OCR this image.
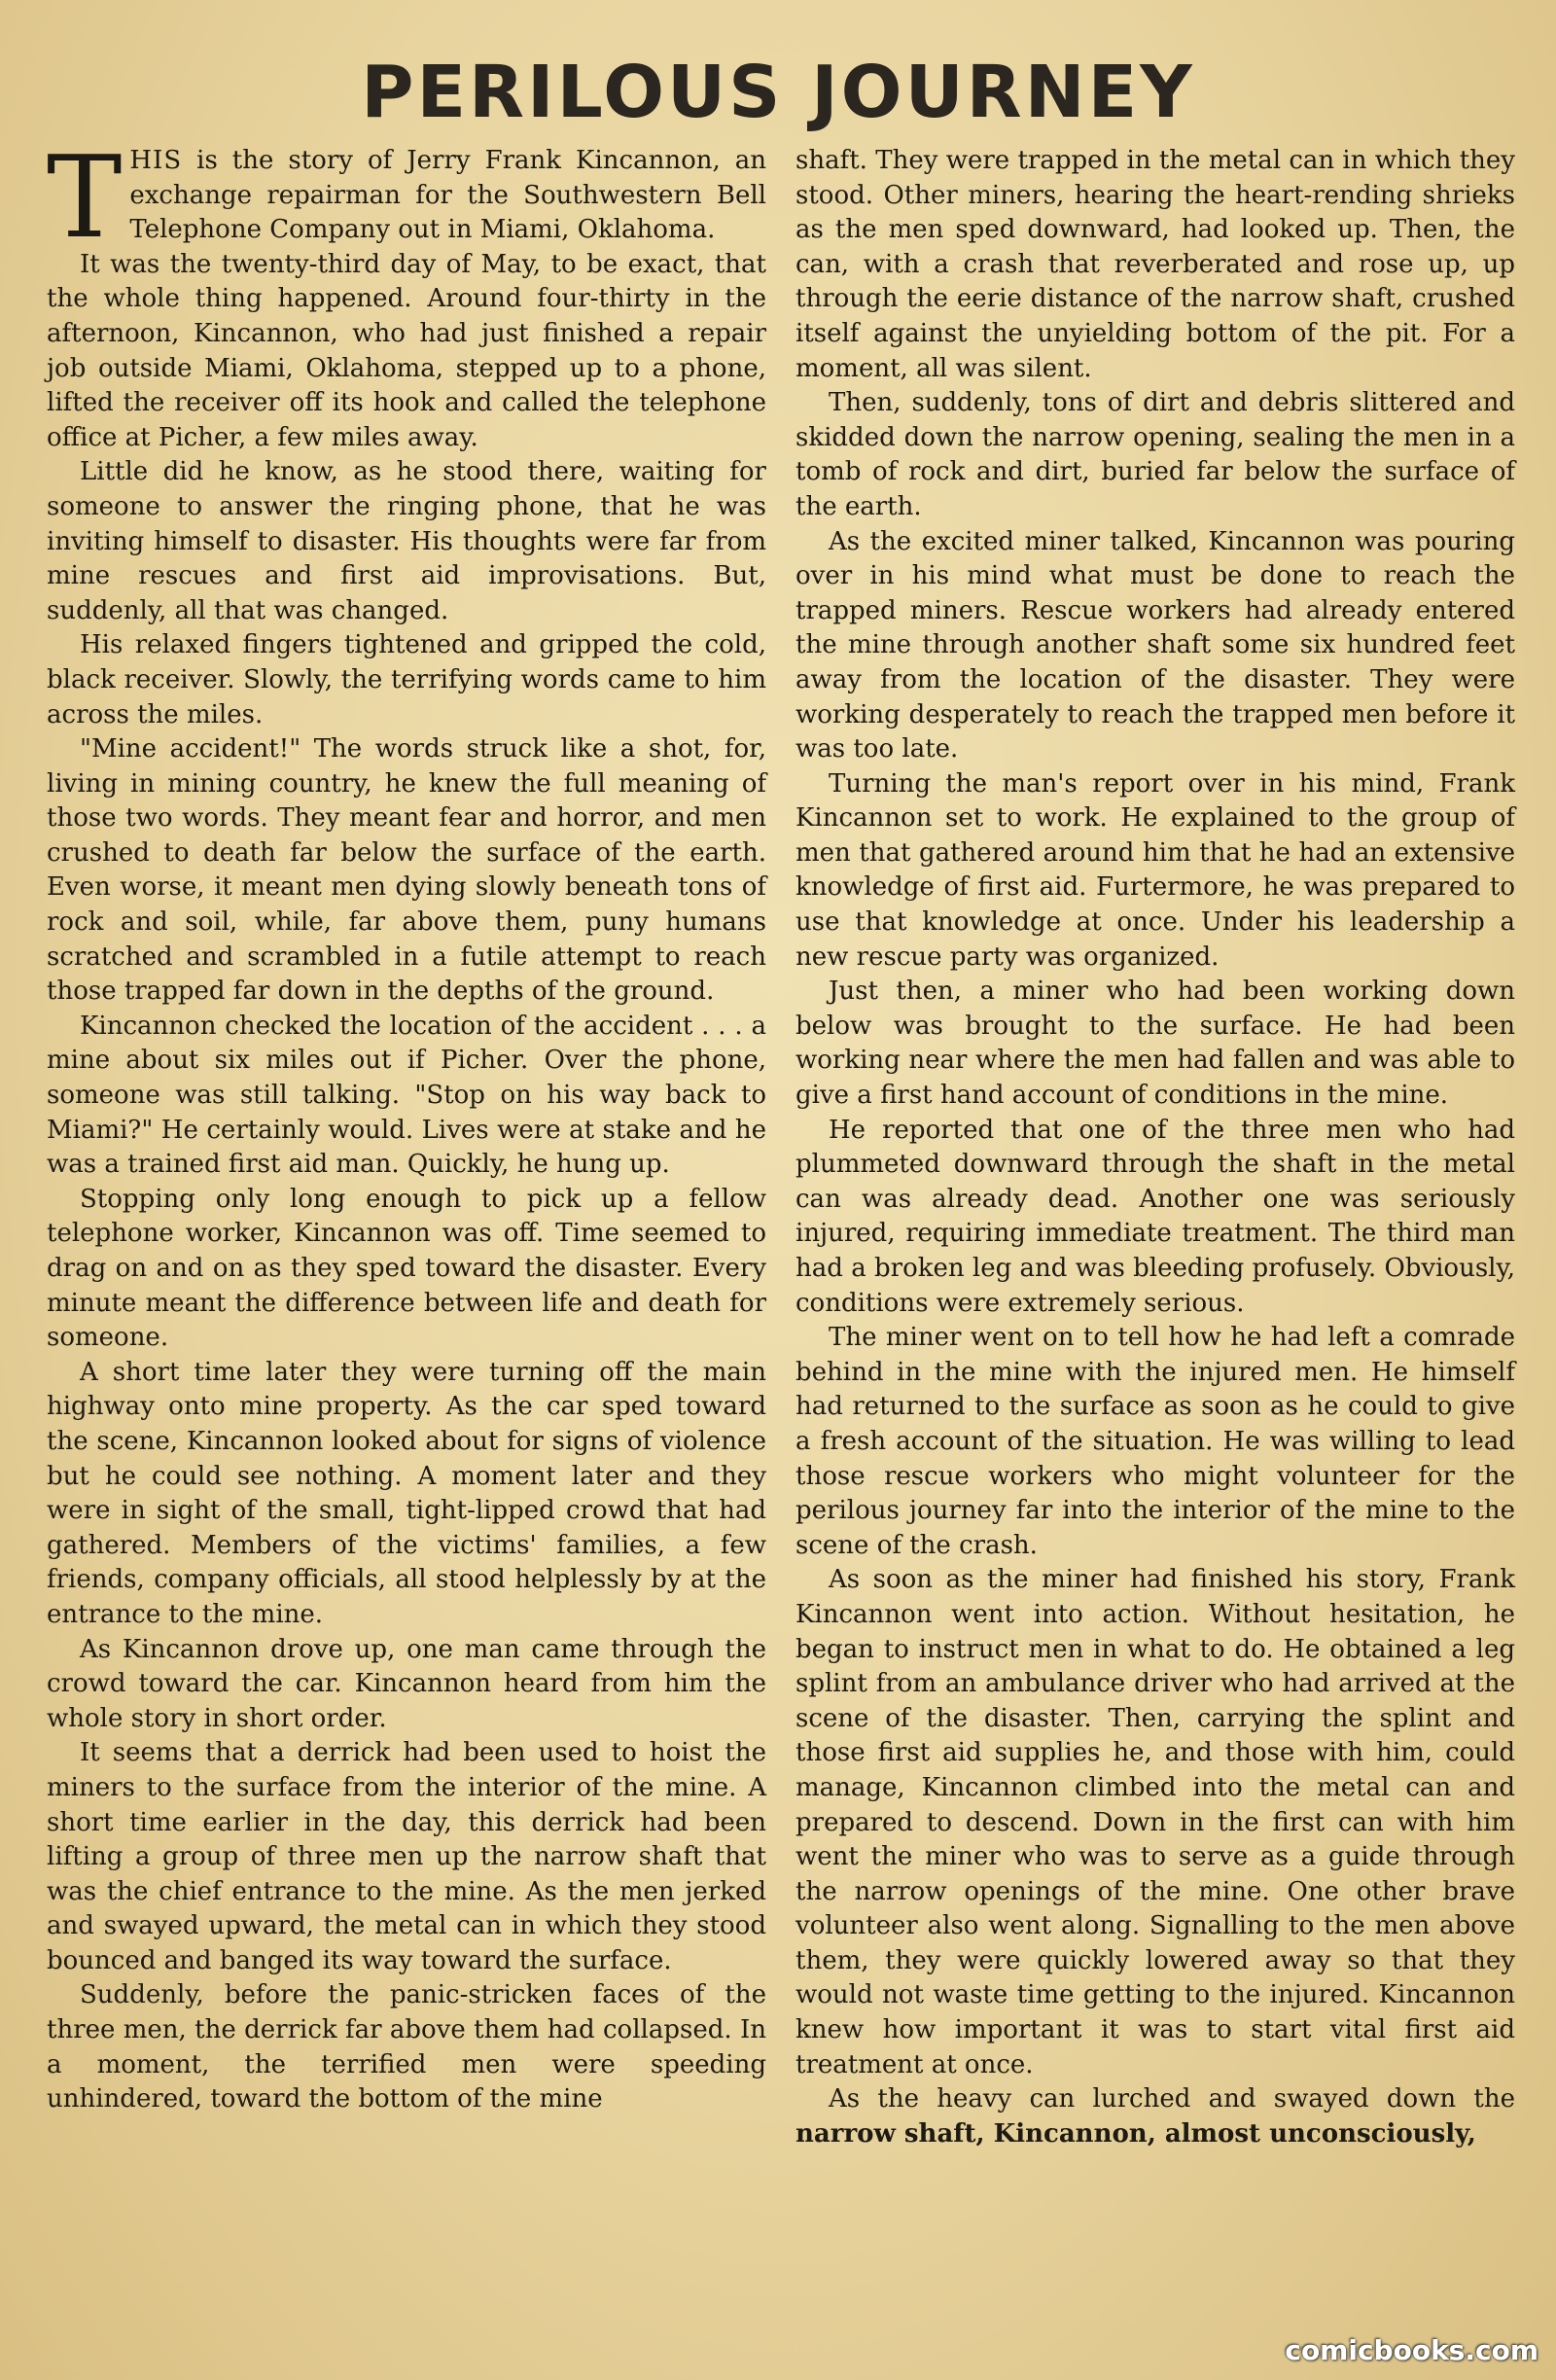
PERILOUS JOURNEY

THIS is the story of Jerry Frank Kincannon, an exchange repairman for the Southwestern Bell Telephone Company out in Miami, Oklahoma.

It was the twenty-third day of May, to be exact, that the whole thing happened. Around four-thirty in the afternoon, Kincannon, who had just finished a repair job outside Miami, Oklahoma, stepped up to a phone, lifted the receiver off its hook and called the telephone office at Picher, a few miles away.

Little did he know, as he stood there, waiting for someone to answer the ringing phone, that he was inviting himself to disaster. His thoughts were far from mine rescues and first aid improvisations. But, suddenly, all that was changed.

His relaxed fingers tightened and gripped the cold, black receiver. Slowly, the terrifying words came to him across the miles.

"Mine accident!" The words struck like a shot, for, living in mining country, he knew the full meaning of those two words. They meant fear and horror, and men crushed to death far below the surface of the earth. Even worse, it meant men dying slowly beneath tons of rock and soil, while, far above them, puny humans scratched and scrambled in a futile attempt to reach those trapped far down in the depths of the ground.

Kincannon checked the location of the accident . . . a mine about six miles out if Picher. Over the phone, someone was still talking. "Stop on his way back to Miami?" He certainly would. Lives were at stake and he was a trained first aid man. Quickly, he hung up.

Stopping only long enough to pick up a fellow telephone worker, Kincannon was off. Time seemed to drag on and on as they sped toward the disaster. Every minute meant the difference between life and death for someone.

A short time later they were turning off the main highway onto mine property. As the car sped toward the scene, Kincannon looked about for signs of violence but he could see nothing. A moment later and they were in sight of the small, tight-lipped crowd that had gathered. Members of the victims' families, a few friends, company officials, all stood helplessly by at the entrance to the mine.

As Kincannon drove up, one man came through the crowd toward the car. Kincannon heard from him the whole story in short order.

It seems that a derrick had been used to hoist the miners to the surface from the interior of the mine. A short time earlier in the day, this derrick had been lifting a group of three men up the narrow shaft that was the chief entrance to the mine. As the men jerked and swayed upward, the metal can in which they stood bounced and banged its way toward the surface.

Suddenly, before the panic-stricken faces of the three men, the derrick far above them had collapsed. In a moment, the terrified men were speeding unhindered, toward the bottom of the mine

shaft. They were trapped in the metal can in which they stood. Other miners, hearing the heart-rending shrieks as the men sped downward, had looked up. Then, the can, with a crash that reverberated and rose up, up through the eerie distance of the narrow shaft, crushed itself against the unyielding bottom of the pit. For a moment, all was silent.

Then, suddenly, tons of dirt and debris slittered and skidded down the narrow opening, sealing the men in a tomb of rock and dirt, buried far below the surface of the earth.

As the excited miner talked, Kincannon was pouring over in his mind what must be done to reach the trapped miners. Rescue workers had already entered the mine through another shaft some six hundred feet away from the location of the disaster. They were working desperately to reach the trapped men before it was too late.

Turning the man's report over in his mind, Frank Kincannon set to work. He explained to the group of men that gathered around him that he had an extensive knowledge of first aid. Furtermore, he was prepared to use that knowledge at once. Under his leadership a new rescue party was organized.

Just then, a miner who had been working down below was brought to the surface. He had been working near where the men had fallen and was able to give a first hand account of conditions in the mine.

He reported that one of the three men who had plummeted downward through the shaft in the metal can was already dead. Another one was seriously injured, requiring immediate treatment. The third man had a broken leg and was bleeding profusely. Obviously, conditions were extremely serious.

The miner went on to tell how he had left a comrade behind in the mine with the injured men. He himself had returned to the surface as soon as he could to give a fresh account of the situation. He was willing to lead those rescue workers who might volunteer for the perilous journey far into the interior of the mine to the scene of the crash.

As soon as the miner had finished his story, Frank Kincannon went into action. Without hesitation, he began to instruct men in what to do. He obtained a leg splint from an ambulance driver who had arrived at the scene of the disaster. Then, carrying the splint and those first aid supplies he, and those with him, could manage, Kincannon climbed into the metal can and prepared to descend. Down in the first can with him went the miner who was to serve as a guide through the narrow openings of the mine. One other brave volunteer also went along. Signalling to the men above them, they were quickly lowered away so that they would not waste time getting to the injured. Kincannon knew how important it was to start vital first aid treatment at once.

As the heavy can lurched and swayed down the narrow shaft, Kincannon, almost unconsciously,

comicbooks.com
